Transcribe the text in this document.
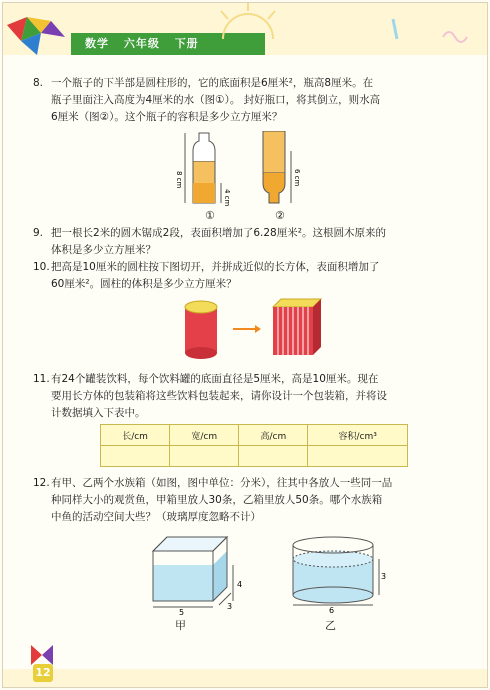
数学 六年级 下册
8. 一个瓶子的下半部是圆柱形的，它的底面积是6厘米²，瓶高8厘米。在
瓶子里面注入高度为4厘米的水（图①）。 封好瓶口，将其倒立，则水高
6厘米（图②）。这个瓶子的容积是多少立方厘米？
8 cm
4 cm
6 cm
①	②
9. 把一根长2米的圆木锯成2段，表面积增加了6.28厘米²。这根圆木原来的
体积是多少立方厘米？
10.把高是10厘米的圆柱按下图切开，并拼成近似的长方体，表面积增加了
60厘米²。圆柱的体积是多少立方厘米？
11.有24个罐装饮料，每个饮料罐的底面直径是5厘米，高是10厘米。现在
要用长方体的包装箱将这些饮料包装起来，请你设计一个包装箱，并将设
计数据填入下表中。
长/cm	宽/cm	高/cm	容积/cm³

12.有甲、乙两个水族箱（如图，图中单位：分米），往其中各放人一些同一品
种同样大小的观赏鱼，甲箱里放人30条，乙箱里放人50条。哪个水族箱
中鱼的活动空间大些？（玻璃厚度忽略不计）
5
4
3
甲
3
6
乙
12
